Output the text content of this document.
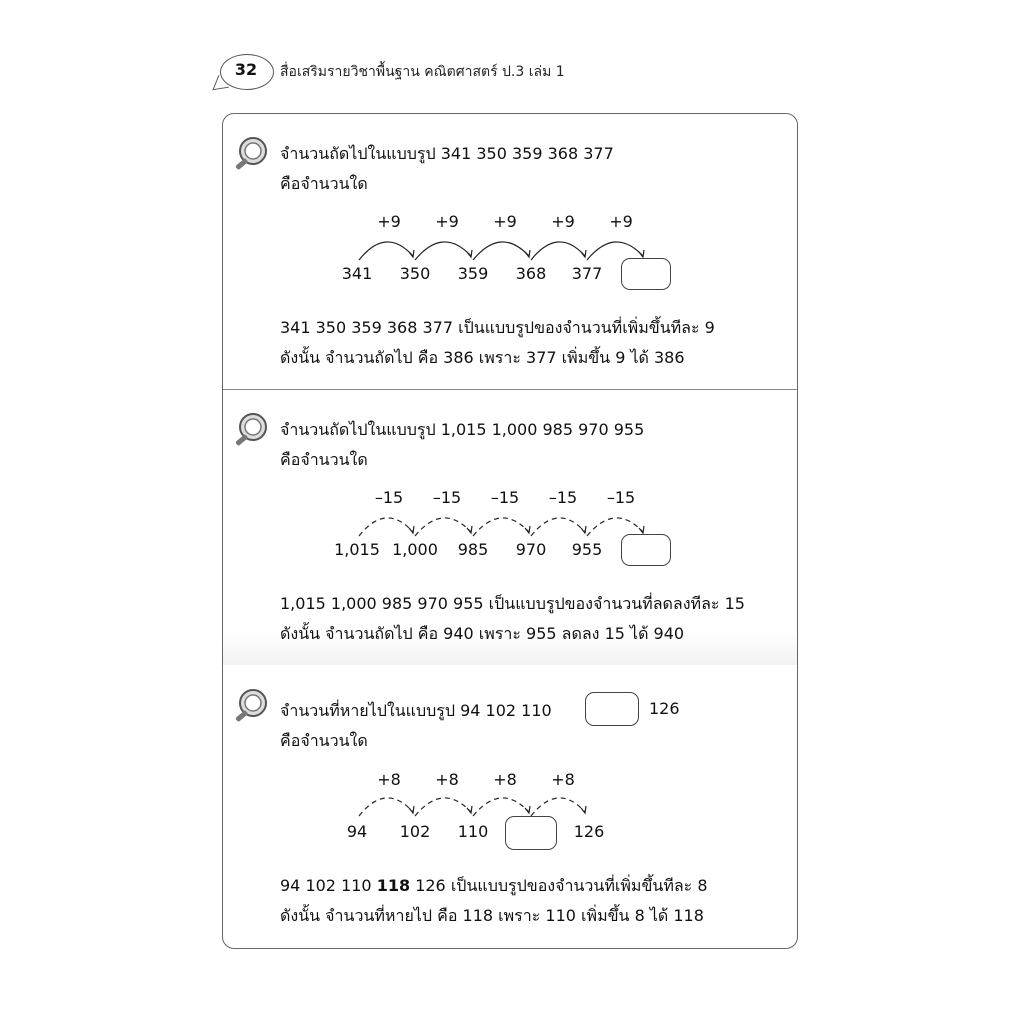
32	สื่อเสริมรายวิชาพื้นฐาน คณิตศาสตร์ ป.3 เล่ม 1
จำนวนถัดไปในแบบรูป 341 350 359 368 377
คือจำนวนใด
+9	+9	+9	+9	+9
341	350	359	368	377
341 350 359 368 377 เป็นแบบรูปของจำนวนที่เพิ่มขึ้นทีละ 9
ดังนั้น จำนวนถัดไป คือ 386 เพราะ 377 เพิ่มขึ้น 9 ได้ 386
จำนวนถัดไปในแบบรูป 1,015 1,000 985 970 955
คือจำนวนใด
–15	–15	–15	–15	–15
1,015 1,000	985	970	955
1,015 1,000 985 970 955 เป็นแบบรูปของจำนวนที่ลดลงทีละ 15
ดังนั้น จำนวนถัดไป คือ 940 เพราะ 955 ลดลง 15 ได้ 940
จำนวนที่หายไปในแบบรูป 94 102 110	126
คือจำนวนใด
+8	+8	+8	+8
94	102	110	126
94 102 110 118 126 เป็นแบบรูปของจำนวนที่เพิ่มขึ้นทีละ 8
ดังนั้น จำนวนที่หายไป คือ 118 เพราะ 110 เพิ่มขึ้น 8 ได้ 118
